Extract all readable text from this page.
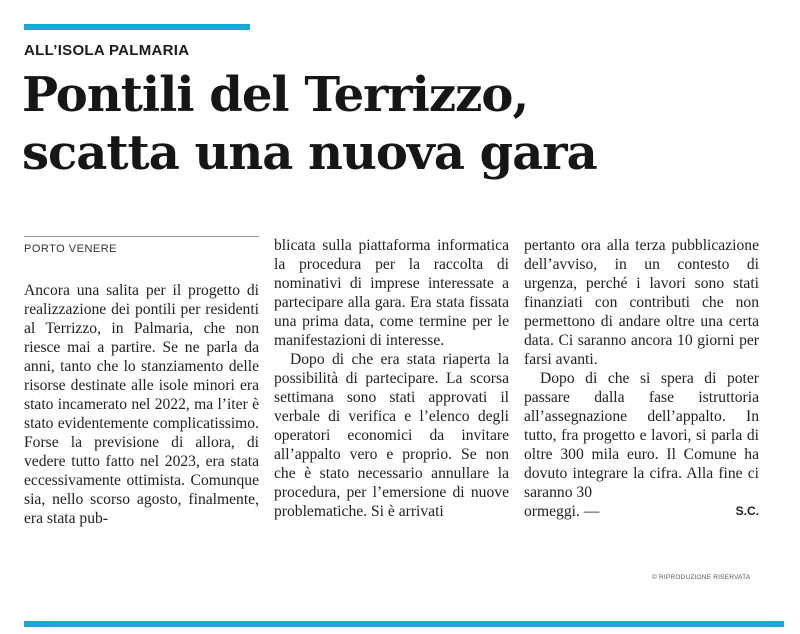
ALL’ISOLA PALMARIA
Pontili del Terrizzo,
scatta una nuova gara
PORTO VENERE

Ancora una salita per il progetto di realizzazione dei pontili per residenti al Terrizzo, in Palmaria, che non riesce mai a partire. Se ne parla da anni, tanto che lo stanziamento delle risorse destinate alle isole minori era stato incamerato nel 2022, ma l’iter è stato evidentemente complicatissimo. Forse la previsione di allora, di vedere tutto fatto nel 2023, era stata eccessivamente ottimista. Comunque sia, nello scorso agosto, finalmente, era stata pub-

blicata sulla piattaforma informatica la procedura per la raccolta di nominativi di imprese interessate a partecipare alla gara. Era stata fissata una prima data, come termine per le manifestazioni di interesse.

Dopo di che era stata riaperta la possibilità di partecipare. La scorsa settimana sono stati approvati il verbale di verifica e l’elenco degli operatori economici da invitare all’appalto vero e proprio. Se non che è stato necessario annullare la procedura, per l’emersione di nuove problematiche. Si è arrivati

pertanto ora alla terza pubblicazione dell’avviso, in un contesto di urgenza, perché i lavori sono stati finanziati con contributi che non permettono di andare oltre una certa data. Ci saranno ancora 10 giorni per farsi avanti.

Dopo di che si spera di poter passare dalla fase istruttoria all’assegnazione dell’appalto. In tutto, fra progetto e lavori, si parla di oltre 300 mila euro. Il Comune ha dovuto integrare la cifra. Alla fine ci saranno 30

ormeggi. —	S.C.
© RIPRODUZIONE RISERVATA
